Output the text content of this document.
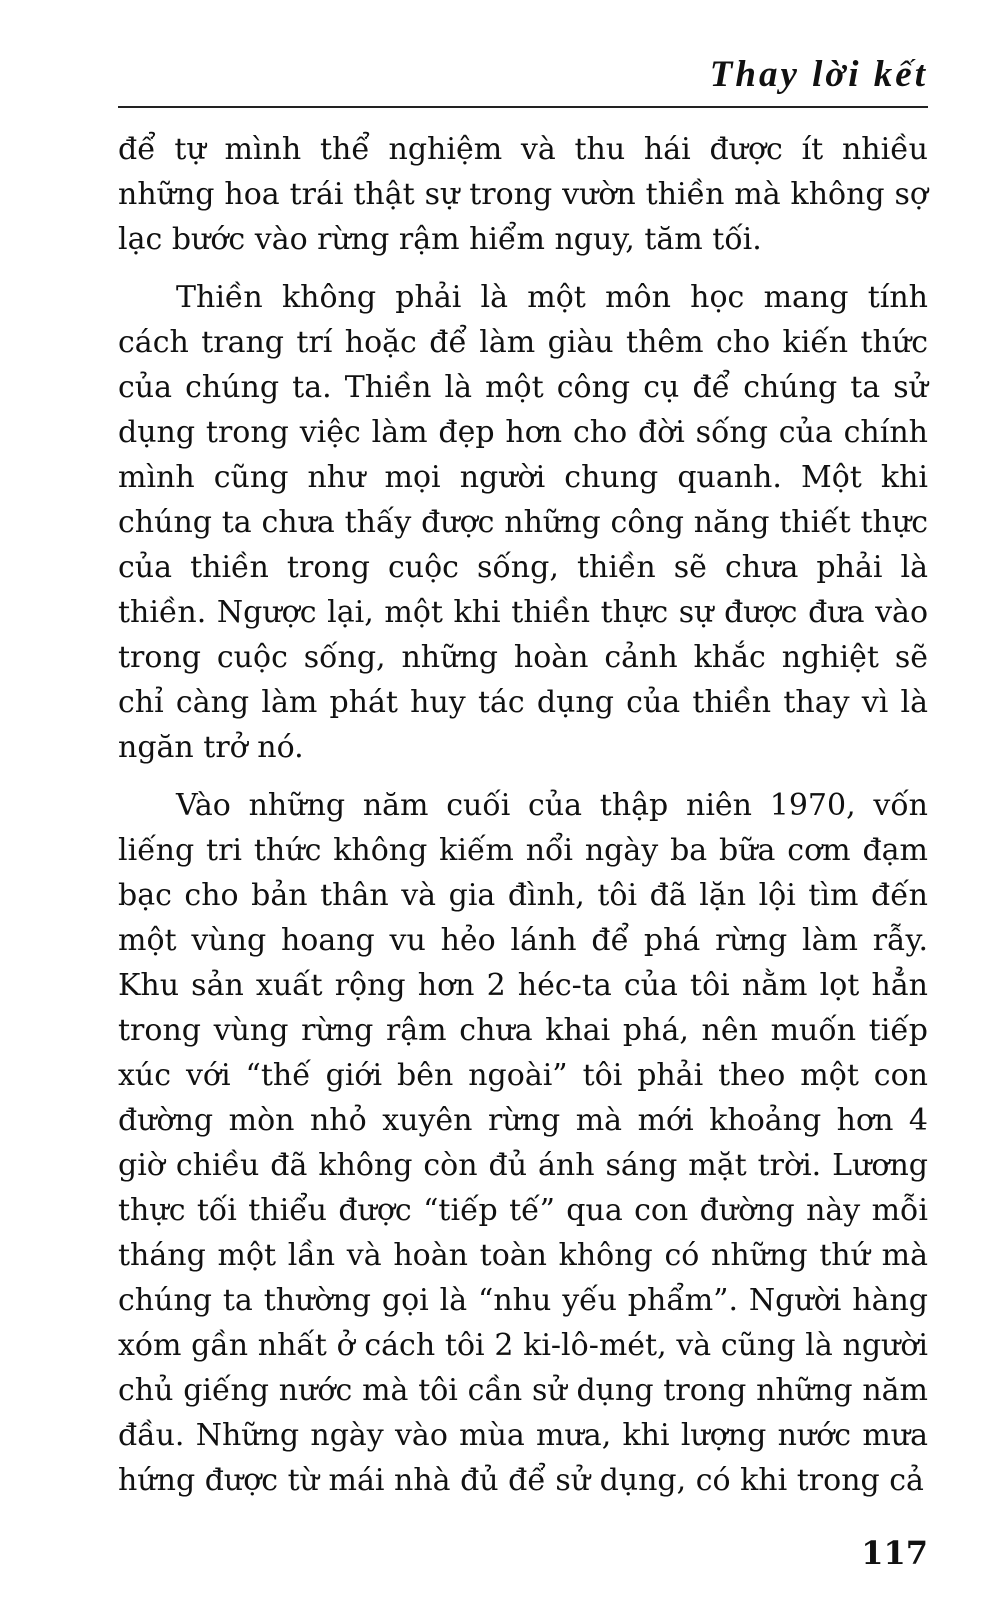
Thay lời kết

để tự mình thể nghiệm và thu hái được ít nhiều những hoa trái thật sự trong vườn thiền mà không sợ lạc bước vào rừng rậm hiểm nguy, tăm tối.

Thiền không phải là một môn học mang tính cách trang trí hoặc để làm giàu thêm cho kiến thức của chúng ta. Thiền là một công cụ để chúng ta sử dụng trong việc làm đẹp hơn cho đời sống của chính mình cũng như mọi người chung quanh. Một khi chúng ta chưa thấy được những công năng thiết thực của thiền trong cuộc sống, thiền sẽ chưa phải là thiền. Ngược lại, một khi thiền thực sự được đưa vào trong cuộc sống, những hoàn cảnh khắc nghiệt sẽ chỉ càng làm phát huy tác dụng của thiền thay vì là ngăn trở nó.

Vào những năm cuối của thập niên 1970, vốn liếng tri thức không kiếm nổi ngày ba bữa cơm đạm bạc cho bản thân và gia đình, tôi đã lặn lội tìm đến một vùng hoang vu hẻo lánh để phá rừng làm rẫy. Khu sản xuất rộng hơn 2 héc-ta của tôi nằm lọt hẳn trong vùng rừng rậm chưa khai phá, nên muốn tiếp xúc với “thế giới bên ngoài” tôi phải theo một con đường mòn nhỏ xuyên rừng mà mới khoảng hơn 4 giờ chiều đã không còn đủ ánh sáng mặt trời. Lương thực tối thiểu được “tiếp tế” qua con đường này mỗi tháng một lần và hoàn toàn không có những thứ mà chúng ta thường gọi là “nhu yếu phẩm”. Người hàng xóm gần nhất ở cách tôi 2 ki-lô-mét, và cũng là người chủ giếng nước mà tôi cần sử dụng trong những năm đầu. Những ngày vào mùa mưa, khi lượng nước mưa hứng được từ mái nhà đủ để sử dụng, có khi trong cả

117
